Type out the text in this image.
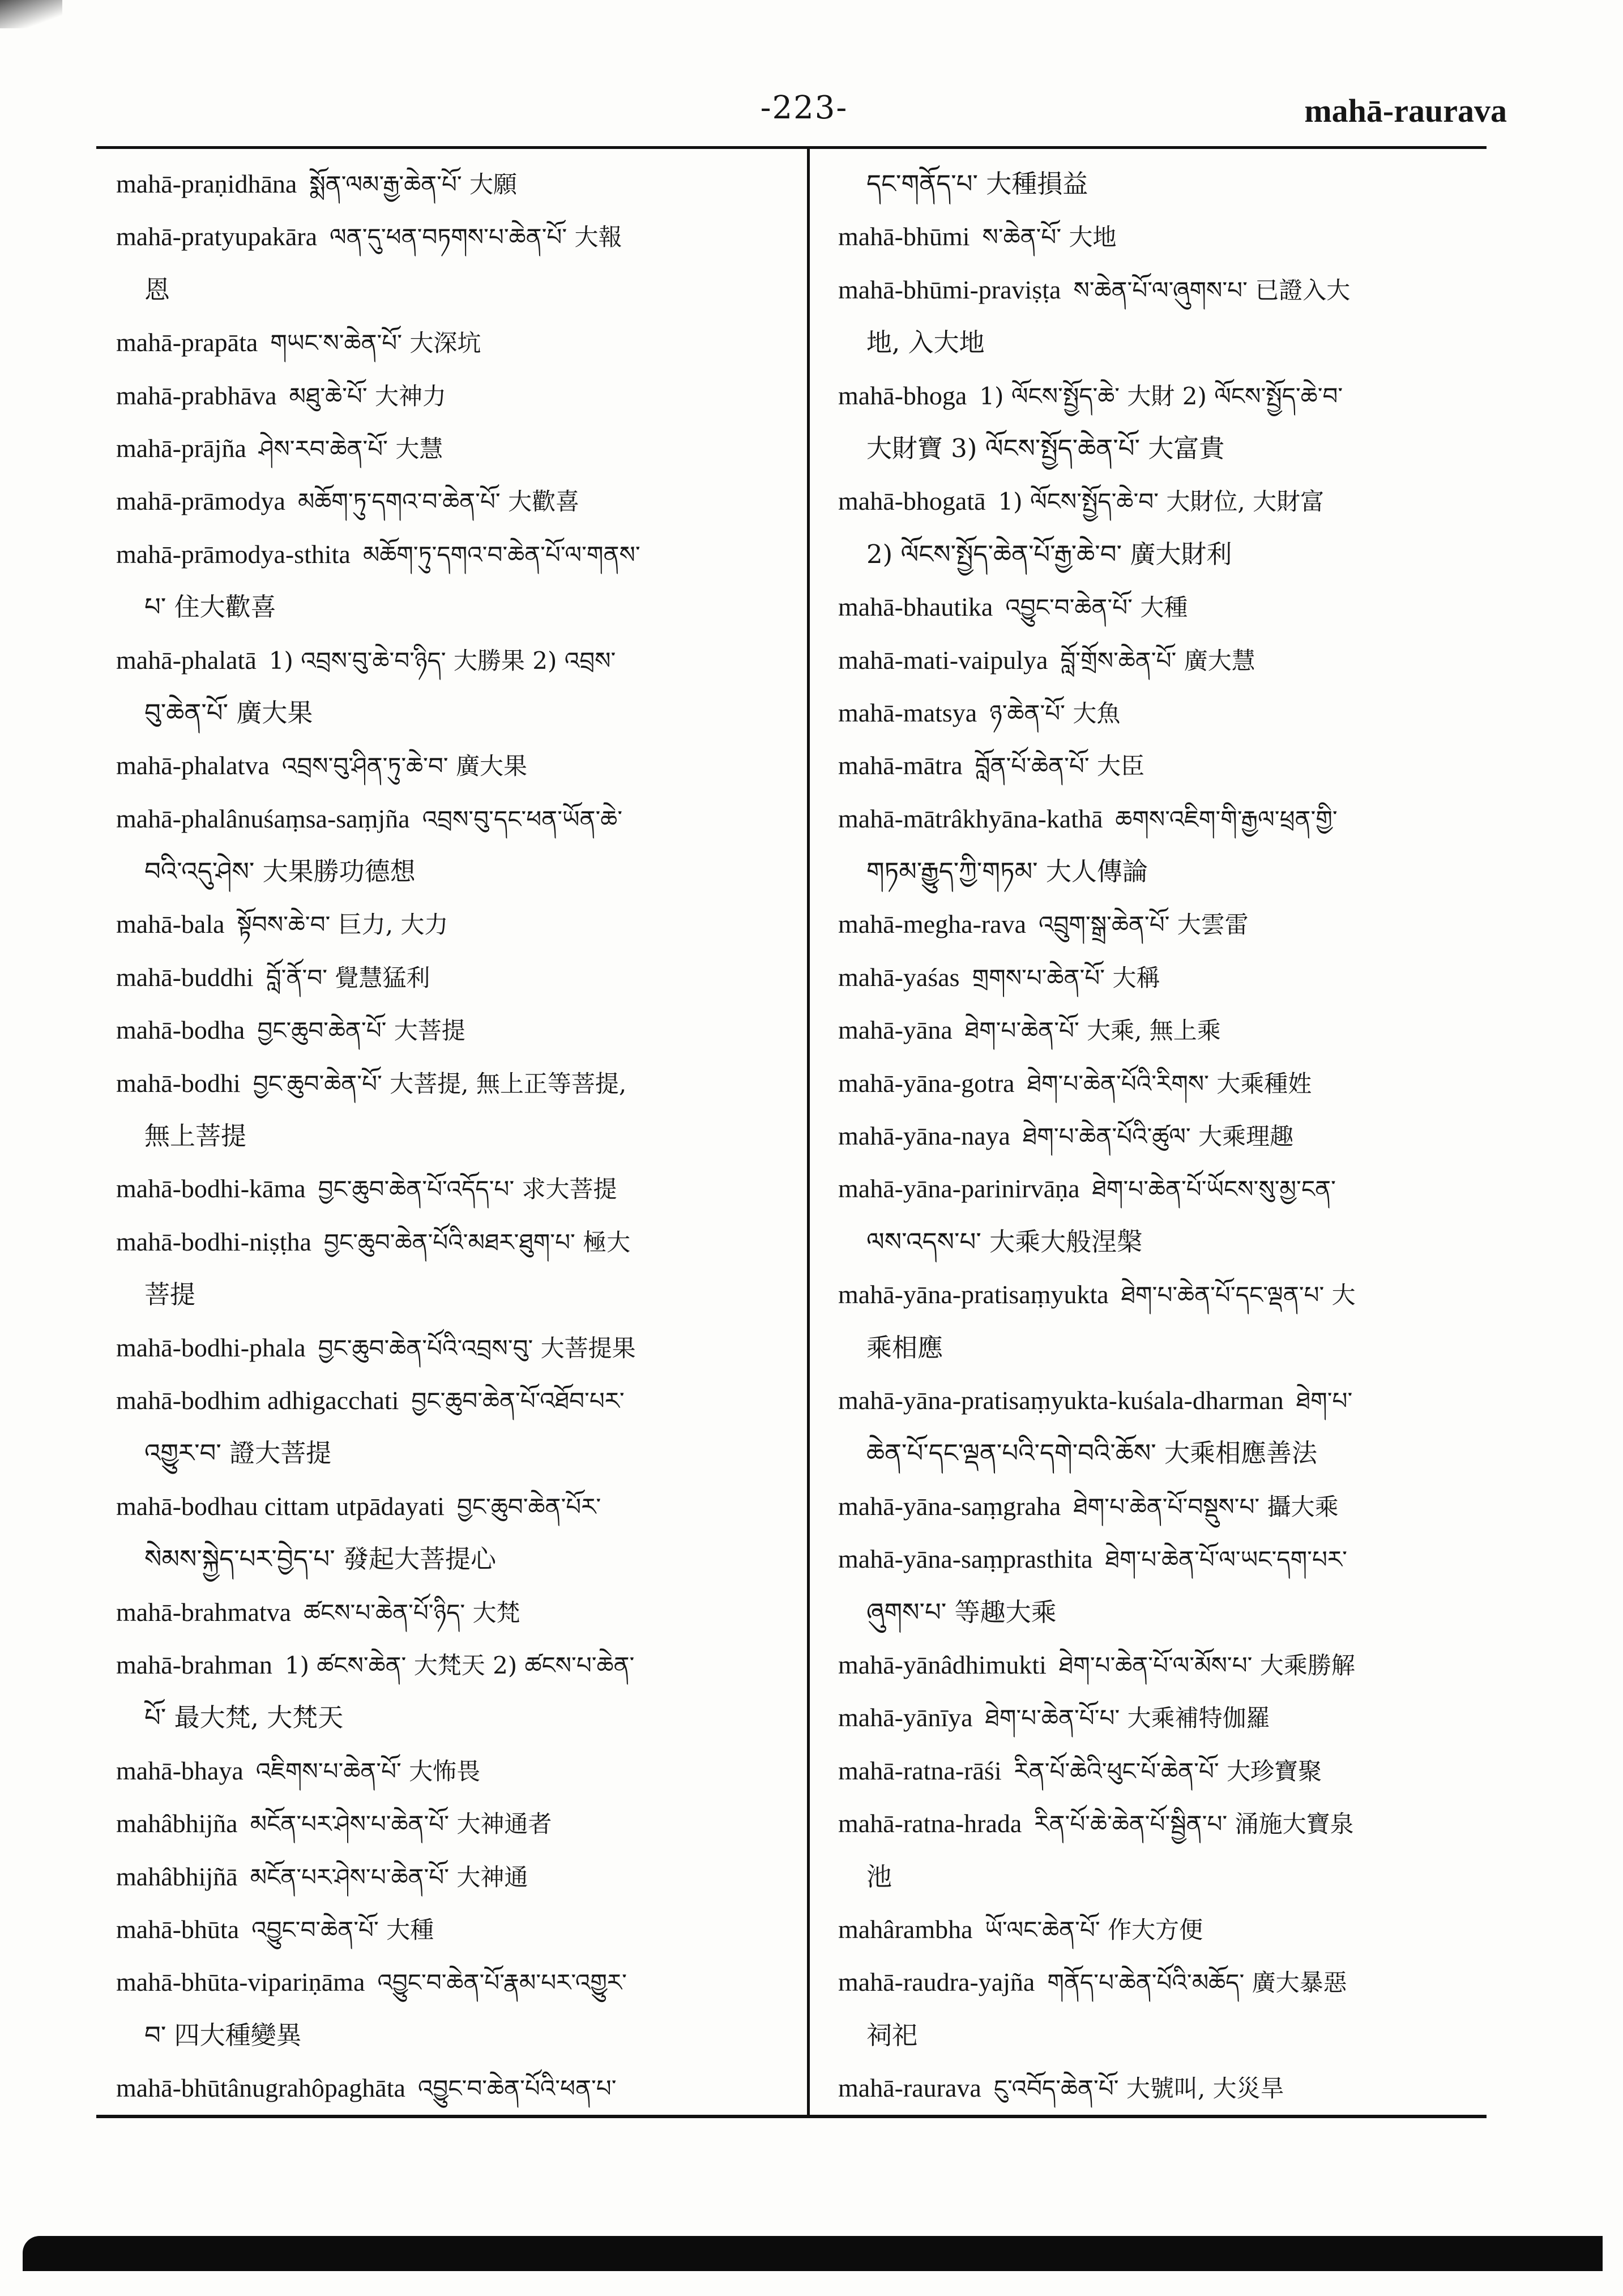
-223-	mahā-raurava
mahā-praṇidhāna སྨོན་ལམ་རྒྱ་ཆེན་པོ་ 大願
mahā-pratyupakāra ལན་དུ་ཕན་བཏགས་པ་ཆེན་པོ་ 大報
恩
mahā-prapāta གཡང་ས་ཆེན་པོ་ 大深坑
mahā-prabhāva མཐུ་ཆེ་པོ་ 大神力
mahā-prājña ཤེས་རབ་ཆེན་པོ་ 大慧
mahā-prāmodya མཆོག་ཏུ་དགའ་བ་ཆེན་པོ་ 大歡喜
mahā-prāmodya-sthita མཆོག་ཏུ་དགའ་བ་ཆེན་པོ་ལ་གནས་
པ་ 住大歡喜
mahā-phalatā 1) འབྲས་བུ་ཆེ་བ་ཉིད་ 大勝果 2) འབྲས་
བུ་ཆེན་པོ་ 廣大果
mahā-phalatva འབྲས་བུ་ཤིན་ཏུ་ཆེ་བ་ 廣大果
mahā-phalânuśaṃsa-saṃjña འབྲས་བུ་དང་ཕན་ཡོན་ཆེ་
བའི་འདུ་ཤེས་ 大果勝功德想
mahā-bala སྟོབས་ཆེ་བ་ 巨力, 大力
mahā-buddhi བློ་ནོ་བ་ 覺慧猛利
mahā-bodha བྱང་ཆུབ་ཆེན་པོ་ 大菩提
mahā-bodhi བྱང་ཆུབ་ཆེན་པོ་ 大菩提, 無上正等菩提,
無上菩提
mahā-bodhi-kāma བྱང་ཆུབ་ཆེན་པོ་འདོད་པ་ 求大菩提
mahā-bodhi-niṣṭha བྱང་ཆུབ་ཆེན་པོའི་མཐར་ཐུག་པ་ 極大
菩提
mahā-bodhi-phala བྱང་ཆུབ་ཆེན་པོའི་འབྲས་བུ་ 大菩提果
mahā-bodhim adhigacchati བྱང་ཆུབ་ཆེན་པོ་འཐོབ་པར་
འགྱུར་བ་ 證大菩提
mahā-bodhau cittam utpādayati བྱང་ཆུབ་ཆེན་པོར་
སེམས་སྐྱེད་པར་བྱེད་པ་ 發起大菩提心
mahā-brahmatva ཚངས་པ་ཆེན་པོ་ཉིད་ 大梵
mahā-brahman 1) ཚངས་ཆེན་ 大梵天 2) ཚངས་པ་ཆེན་
པོ་ 最大梵, 大梵天
mahā-bhaya འཇིགས་པ་ཆེན་པོ་ 大怖畏
mahâbhijña མངོན་པར་ཤེས་པ་ཆེན་པོ་ 大神通者
mahâbhijñā མངོན་པར་ཤེས་པ་ཆེན་པོ་ 大神通
mahā-bhūta འབྱུང་བ་ཆེན་པོ་ 大種
mahā-bhūta-vipariṇāma འབྱུང་བ་ཆེན་པོ་རྣམ་པར་འགྱུར་
བ་ 四大種變異
mahā-bhūtânugrahôpaghāta འབྱུང་བ་ཆེན་པོའི་ཕན་པ་
དང་གནོད་པ་ 大種損益
mahā-bhūmi ས་ཆེན་པོ་ 大地
mahā-bhūmi-praviṣṭa ས་ཆེན་པོ་ལ་ཞུགས་པ་ 已證入大
地, 入大地
mahā-bhoga 1) ལོངས་སྤྱོད་ཆེ་ 大財 2) ལོངས་སྤྱོད་ཆེ་བ་
大財寶 3) ལོངས་སྤྱོད་ཆེན་པོ་ 大富貴
mahā-bhogatā 1) ལོངས་སྤྱོད་ཆེ་བ་ 大財位, 大財富
2) ལོངས་སྤྱོད་ཆེན་པོ་རྒྱ་ཆེ་བ་ 廣大財利
mahā-bhautika འབྱུང་བ་ཆེན་པོ་ 大種
mahā-mati-vaipulya བློ་གྲོས་ཆེན་པོ་ 廣大慧
mahā-matsya ཉ་ཆེན་པོ་ 大魚
mahā-mātra བློན་པོ་ཆེན་པོ་ 大臣
mahā-mātrâkhyāna-kathā ཆགས་འཇིག་གི་རྒྱལ་ཕྲན་གྱི་
གཏམ་རྒྱུད་ཀྱི་གཏམ་ 大人傳論
mahā-megha-rava འབྲུག་སྒྲ་ཆེན་པོ་ 大雲雷
mahā-yaśas གྲགས་པ་ཆེན་པོ་ 大稱
mahā-yāna ཐེག་པ་ཆེན་པོ་ 大乘, 無上乘
mahā-yāna-gotra ཐེག་པ་ཆེན་པོའི་རིགས་ 大乘種姓
mahā-yāna-naya ཐེག་པ་ཆེན་པོའི་ཚུལ་ 大乘理趣
mahā-yāna-parinirvāṇa ཐེག་པ་ཆེན་པོ་ཡོངས་སུ་མྱ་ངན་
ལས་འདས་པ་ 大乘大般涅槃
mahā-yāna-pratisaṃyukta ཐེག་པ་ཆེན་པོ་དང་ལྡན་པ་ 大
乘相應
mahā-yāna-pratisaṃyukta-kuśala-dharman ཐེག་པ་
ཆེན་པོ་དང་ལྡན་པའི་དགེ་བའི་ཆོས་ 大乘相應善法
mahā-yāna-saṃgraha ཐེག་པ་ཆེན་པོ་བསྡུས་པ་ 攝大乘
mahā-yāna-saṃprasthita ཐེག་པ་ཆེན་པོ་ལ་ཡང་དག་པར་
ཞུགས་པ་ 等趣大乘
mahā-yānâdhimukti ཐེག་པ་ཆེན་པོ་ལ་མོས་པ་ 大乘勝解
mahā-yānīya ཐེག་པ་ཆེན་པོ་པ་ 大乘補特伽羅
mahā-ratna-rāśi རིན་པོ་ཆེའི་ཕུང་པོ་ཆེན་པོ་ 大珍寶聚
mahā-ratna-hrada རིན་པོ་ཆེ་ཆེན་པོ་སྦྱིན་པ་ 涌施大寶泉
池
mahârambha ཡོ་ལང་ཆེན་པོ་ 作大方便
mahā-raudra-yajña གནོད་པ་ཆེན་པོའི་མཆོད་ 廣大暴惡
祠祀
mahā-raurava ངུ་འབོད་ཆེན་པོ་ 大號叫, 大災旱
